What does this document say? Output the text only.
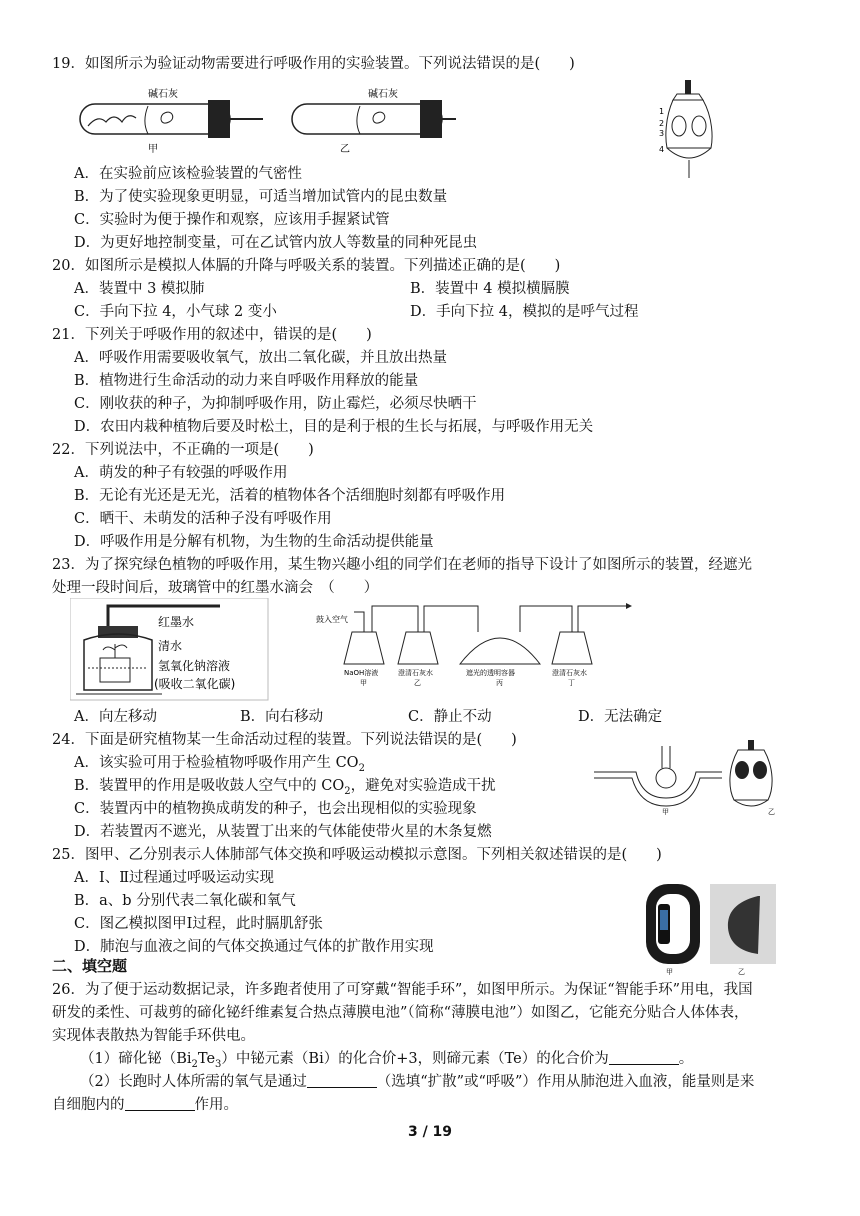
19．如图所示为验证动物需要进行呼吸作用的实验装置。下列说法错误的是(　　)
碱石灰
甲
碱石灰
乙
A．在实验前应该检验装置的气密性
B．为了使实验现象更明显，可适当增加试管内的昆虫数量
C．实验时为便于操作和观察，应该用手握紧试管
D．为更好地控制变量，可在乙试管内放人等数量的同种死昆虫
1
2
3
4
20．如图所示是模拟人体膈的升降与呼吸关系的装置。下列描述正确的是(　　)
A．装置中 3 模拟肺	B．装置中 4 模拟横膈膜
C．手向下拉 4，小气球 2 变小	D．手向下拉 4，模拟的是呼气过程
21．下列关于呼吸作用的叙述中，错误的是(　　)
A．呼吸作用需要吸收氧气，放出二氧化碳，并且放出热量
B．植物进行生命活动的动力来自呼吸作用释放的能量
C．刚收获的种子，为抑制呼吸作用，防止霉烂，必须尽快晒干
D．农田内栽种植物后要及时松土，目的是利于根的生长与拓展，与呼吸作用无关
22．下列说法中，不正确的一项是(　　)
A．萌发的种子有较强的呼吸作用
B．无论有光还是无光，活着的植物体各个活细胞时刻都有呼吸作用
C．晒干、未萌发的活种子没有呼吸作用
D．呼吸作用是分解有机物，为生物的生命活动提供能量
23．为了探究绿色植物的呼吸作用，某生物兴趣小组的同学们在老师的指导下设计了如图所示的装置，经遮光
处理一段时间后，玻璃管中的红墨水滴会　（　　）
红墨水
清水
氢氧化钠溶液
(吸收二氧化碳)
鼓入空气
NaOH溶液	澄清石灰水	遮光的透明容器	澄清石灰水
甲	乙	丙	丁
A．向左移动	B．向右移动	C．静止不动	D．无法确定
24．下面是研究植物某一生命活动过程的装置。下列说法错误的是(　　)
A．该实验可用于检验植物呼吸作用产生 $CO_2$
B．装置甲的作用是吸收鼓人空气中的 $CO_2$，避免对实验造成干扰
C．装置丙中的植物换成萌发的种子，也会出现相似的实验现象
D．若装置丙不遮光，从装置丁出来的气体能使带火星的木条复燃
甲	乙
25．图甲、乙分别表示人体肺部气体交换和呼吸运动模拟示意图。下列相关叙述错误的是(　　)
A．Ⅰ、Ⅱ过程通过呼吸运动实现
B．a、b 分别代表二氧化碳和氧气
C．图乙模拟图甲Ⅰ过程，此时膈肌舒张
D．肺泡与血液之间的气体交换通过气体的扩散作用实现
甲	乙
二、填空题
26．为了便于运动数据记录，许多跑者使用了可穿戴“智能手环”，如图甲所示。为保证“智能手环”用电，我国
研发的柔性、可裁剪的碲化铋纤维素复合热点薄膜电池”（简称“薄膜电池”）如图乙，它能充分贴合人体体表，
实现体表散热为智能手环供电。
（1）碲化铋$(Bi_2Te_3)$中铋元素（Bi）的化合价+3，则碲元素（Te）的化合价为	。
（2）长跑时人体所需的氧气是通过	（选填“扩散”或“呼吸”）作用从肺泡进入血液，能量则是来
自细胞内的	作用。
3 / 19
